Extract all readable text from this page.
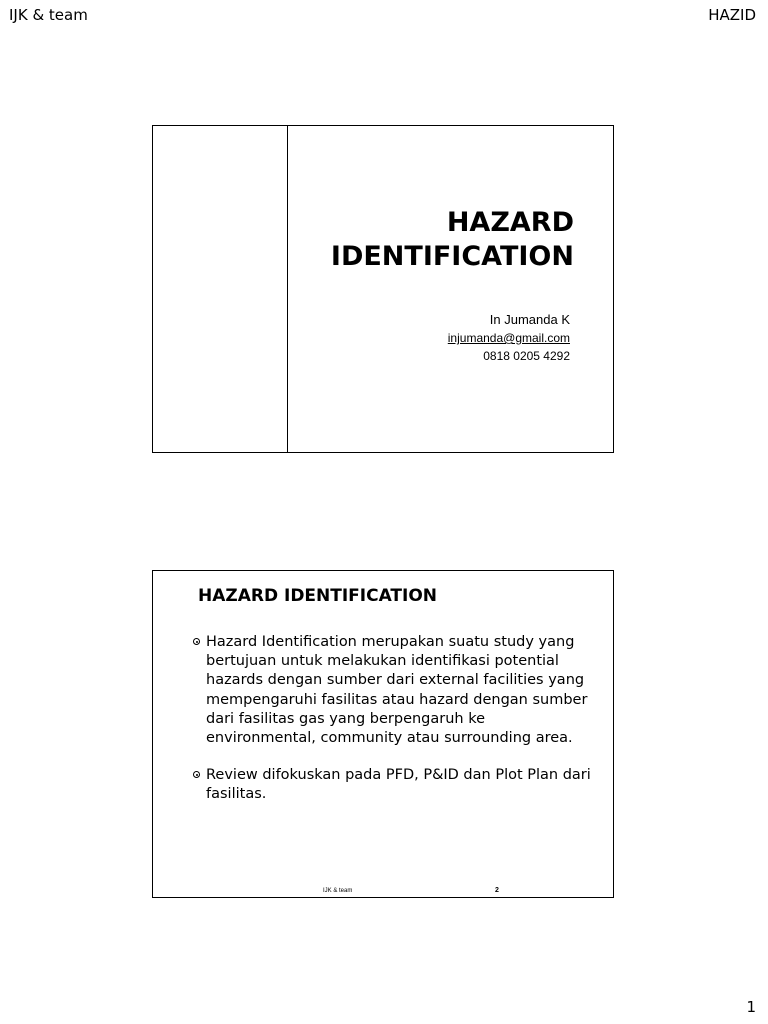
IJK & team	HAZID
HAZARD
IDENTIFICATION
In Jumanda K
injumanda@gmail.com
0818 0205 4292
HAZARD IDENTIFICATION
Hazard Identification merupakan suatu study yang bertujuan untuk melakukan identifikasi potential hazards dengan sumber dari external facilities yang mempengaruhi fasilitas atau hazard dengan sumber dari fasilitas gas yang berpengaruh ke environmental, community atau surrounding area.
Review difokuskan pada PFD, P&ID dan Plot Plan dari fasilitas.
IJK & team	2
1
